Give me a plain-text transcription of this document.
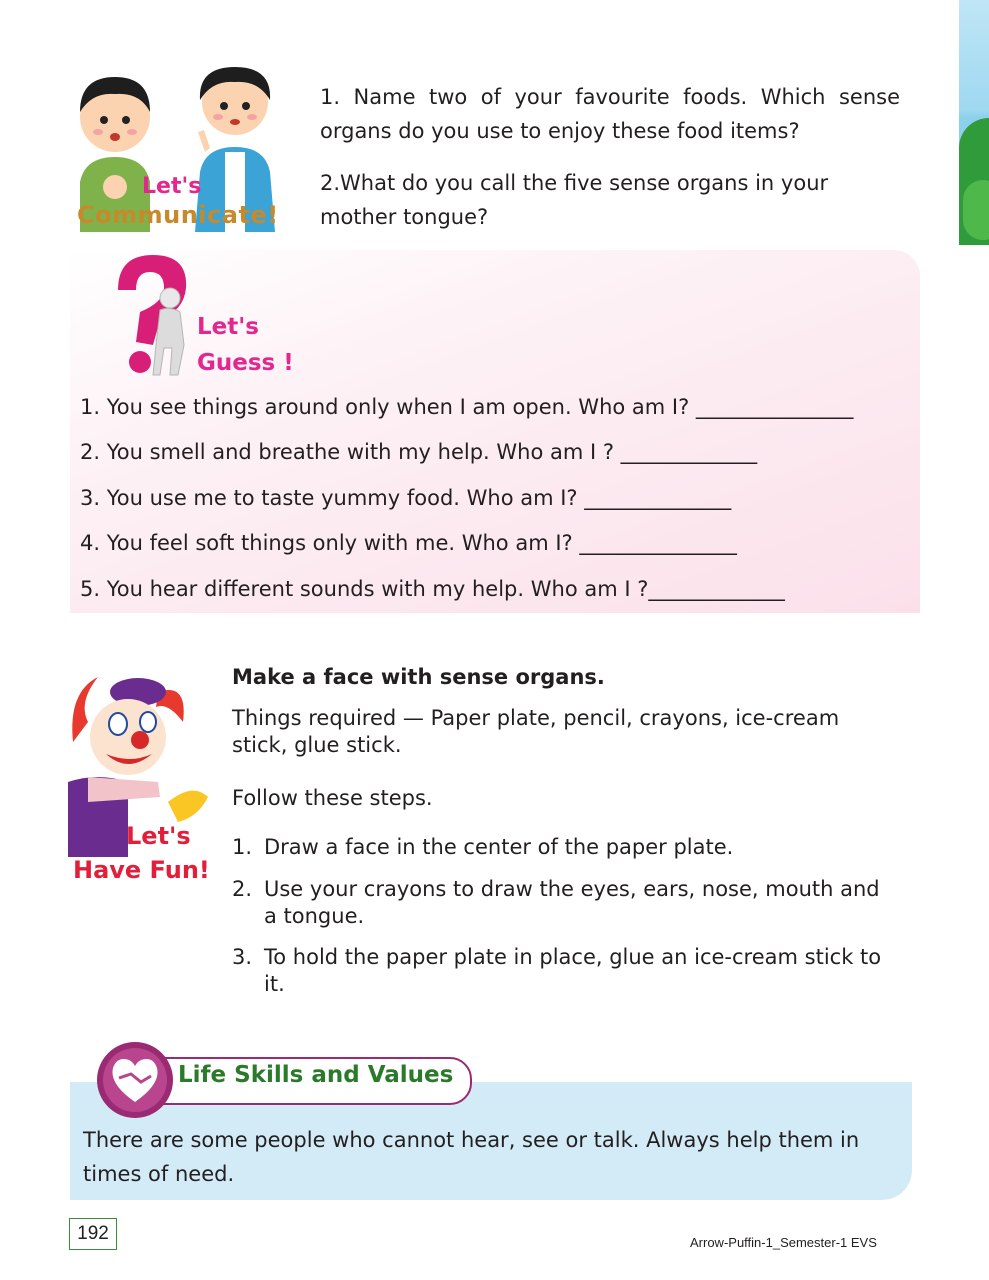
Let's
Communicate!
1. Name two of your favourite foods. Which sense organs do you use to enjoy these food items?
2.What do you call the five sense organs in your mother tongue?
Let's
Guess !
1. You see things around only when I am open. Who am I? _______________
2. You smell and breathe with my help. Who am I ? _____________
3. You use me to taste yummy food. Who am I? ______________
4. You feel soft things only with me. Who am I? _______________
5. You hear different sounds with my help. Who am I ?_____________
Let's
Have Fun!
Make a face with sense organs.
Things required — Paper plate, pencil, crayons, ice-cream stick, glue stick.
Follow these steps.
1. Draw a face in the center of the paper plate.
2. Use your crayons to draw the eyes, ears, nose, mouth and a tongue.
3. To hold the paper plate in place, glue an ice-cream stick to it.
Life Skills and Values
There are some people who cannot hear, see or talk. Always help them in times of need.
192	Arrow-Puffin-1_Semester-1 EVS
